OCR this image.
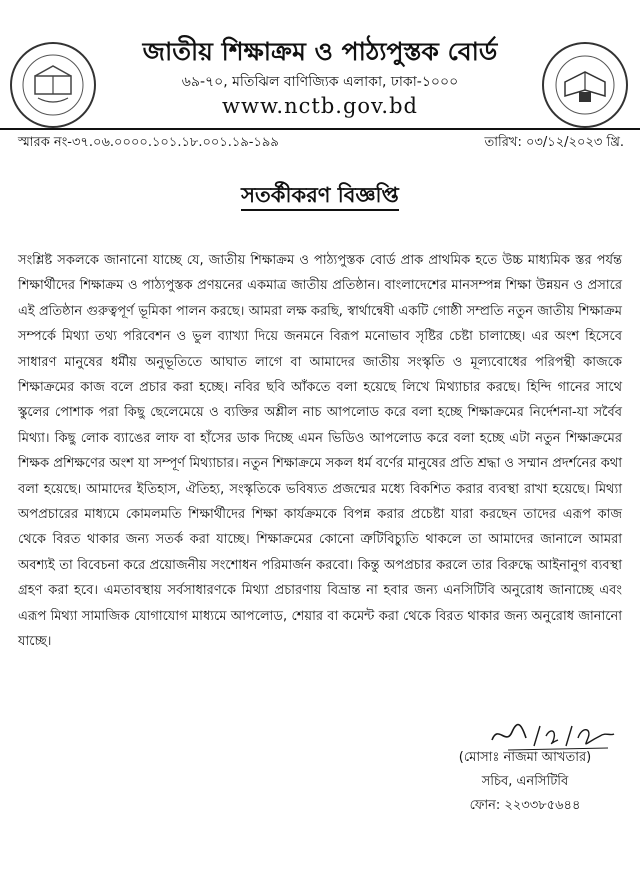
জাতীয় শিক্ষাক্রম ও পাঠ্যপুস্তক বোর্ড
৬৯-৭০, মতিঝিল বাণিজ্যিক এলাকা, ঢাকা-১০০০
www.nctb.gov.bd
স্মারক নং-৩৭.০৬.০০০০.১০১.১৮.০০১.১৯-১৯৯	তারিখ: ০৩/১২/২০২৩ খ্রি.
সতর্কীকরণ বিজ্ঞপ্তি

সংশ্লিষ্ট সকলকে জানানো যাচ্ছে যে, জাতীয় শিক্ষাক্রম ও পাঠ্যপুস্তক বোর্ড প্রাক প্রাথমিক হতে উচ্চ মাধ্যমিক স্তর পর্যন্ত শিক্ষার্থীদের শিক্ষাক্রম ও পাঠ্যপুস্তক প্রণয়নের একমাত্র জাতীয় প্রতিষ্ঠান। বাংলাদেশের মানসম্পন্ন শিক্ষা উন্নয়ন ও প্রসারে এই প্রতিষ্ঠান গুরুত্বপূর্ণ ভূমিকা পালন করছে। আমরা লক্ষ করছি, স্বার্থান্বেষী একটি গোষ্ঠী সম্প্রতি নতুন জাতীয় শিক্ষাক্রম সম্পর্কে মিথ্যা তথ্য পরিবেশন ও ভুল ব্যাখ্যা দিয়ে জনমনে বিরূপ মনোভাব সৃষ্টির চেষ্টা চালাচ্ছে। এর অংশ হিসেবে সাধারণ মানুষের ধর্মীয় অনুভূতিতে আঘাত লাগে বা আমাদের জাতীয় সংস্কৃতি ও মূল্যবোধের পরিপন্থী কাজকে শিক্ষাক্রমের কাজ বলে প্রচার করা হচ্ছে। নবির ছবি আঁকতে বলা হয়েছে লিখে মিথ্যাচার করছে। হিন্দি গানের সাথে স্কুলের পোশাক পরা কিছু ছেলেমেয়ে ও ব্যক্তির অশ্লীল নাচ আপলোড করে বলা হচ্ছে শিক্ষাক্রমের নির্দেশনা-যা সর্বৈব মিথ্যা। কিছু লোক ব্যাঙের লাফ বা হাঁসের ডাক দিচ্ছে এমন ভিডিও আপলোড করে বলা হচ্ছে এটা নতুন শিক্ষাক্রমের শিক্ষক প্রশিক্ষণের অংশ যা সম্পূর্ণ মিথ্যাচার। নতুন শিক্ষাক্রমে সকল ধর্ম বর্ণের মানুষের প্রতি শ্রদ্ধা ও সম্মান প্রদর্শনের কথা বলা হয়েছে। আমাদের ইতিহাস, ঐতিহ্য, সংস্কৃতিকে ভবিষ্যত প্রজন্মের মধ্যে বিকশিত করার ব্যবস্থা রাখা হয়েছে। মিথ্যা অপপ্রচারের মাধ্যমে কোমলমতি শিক্ষার্থীদের শিক্ষা কার্যক্রমকে বিপন্ন করার প্রচেষ্টা যারা করছেন তাদের এরূপ কাজ থেকে বিরত থাকার জন্য সতর্ক করা যাচ্ছে। শিক্ষাক্রমের কোনো ত্রুটিবিচ্যুতি থাকলে তা আমাদের জানালে আমরা অবশ্যই তা বিবেচনা করে প্রয়োজনীয় সংশোধন পরিমার্জন করবো। কিন্তু অপপ্রচার করলে তার বিরুদ্ধে আইনানুগ ব্যবস্থা গ্রহণ করা হবে। এমতাবস্থায় সর্বসাধারণকে মিথ্যা প্রচারণায় বিভ্রান্ত না হবার জন্য এনসিটিবি অনুরোধ জানাচ্ছে এবং এরূপ মিথ্যা সামাজিক যোগাযোগ মাধ্যমে আপলোড, শেয়ার বা কমেন্ট করা থেকে বিরত থাকার জন্য অনুরোধ জানানো যাচ্ছে।

(মোসাঃ নাজমা আখতার)
সচিব, এনসিটিবি
ফোন: ২২৩৩৮৫৬৪৪
